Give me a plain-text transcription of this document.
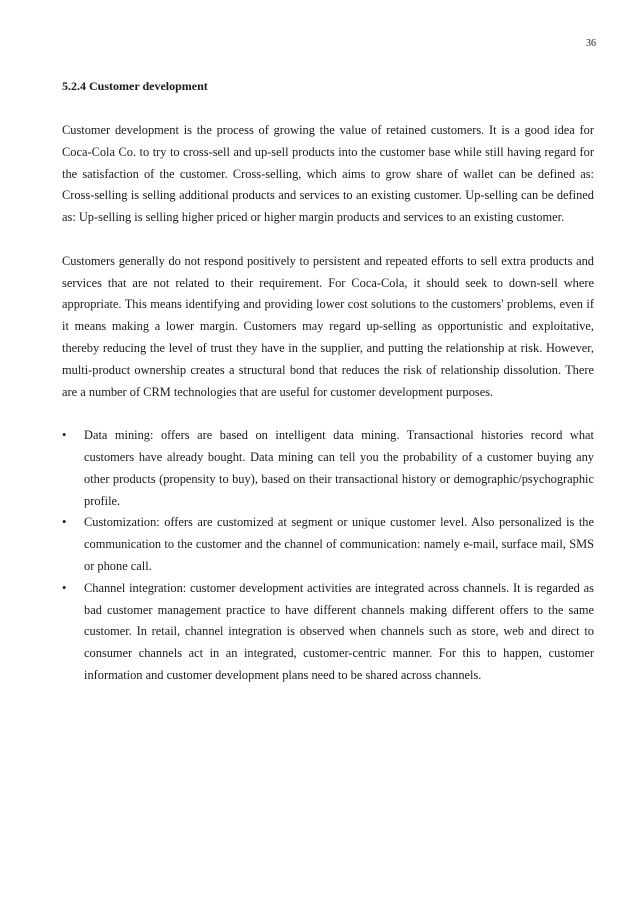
36
5.2.4 Customer development

Customer development is the process of growing the value of retained customers. It is a good idea for Coca-Cola Co. to try to cross-sell and up-sell products into the customer base while still having regard for the satisfaction of the customer. Cross-selling, which aims to grow share of wallet can be defined as: Cross-selling is selling additional products and services to an existing customer. Up-selling can be defined as: Up-selling is selling higher priced or higher margin products and services to an existing customer.

Customers generally do not respond positively to persistent and repeated efforts to sell extra products and services that are not related to their requirement. For Coca-Cola, it should seek to down-sell where appropriate. This means identifying and providing lower cost solutions to the customers' problems, even if it means making a lower margin. Customers may regard up-selling as opportunistic and exploitative, thereby reducing the level of trust they have in the supplier, and putting the relationship at risk. However, multi-product ownership creates a structural bond that reduces the risk of relationship dissolution. There are a number of CRM technologies that are useful for customer development purposes.

• Data mining: offers are based on intelligent data mining. Transactional histories record what customers have already bought. Data mining can tell you the probability of a customer buying any other products (propensity to buy), based on their transactional history or demographic/psychographic profile.
• Customization: offers are customized at segment or unique customer level. Also personalized is the communication to the customer and the channel of communication: namely e-mail, surface mail, SMS or phone call.
• Channel integration: customer development activities are integrated across channels. It is regarded as bad customer management practice to have different channels making different offers to the same customer. In retail, channel integration is observed when channels such as store, web and direct to consumer channels act in an integrated, customer-centric manner. For this to happen, customer information and customer development plans need to be shared across channels.
